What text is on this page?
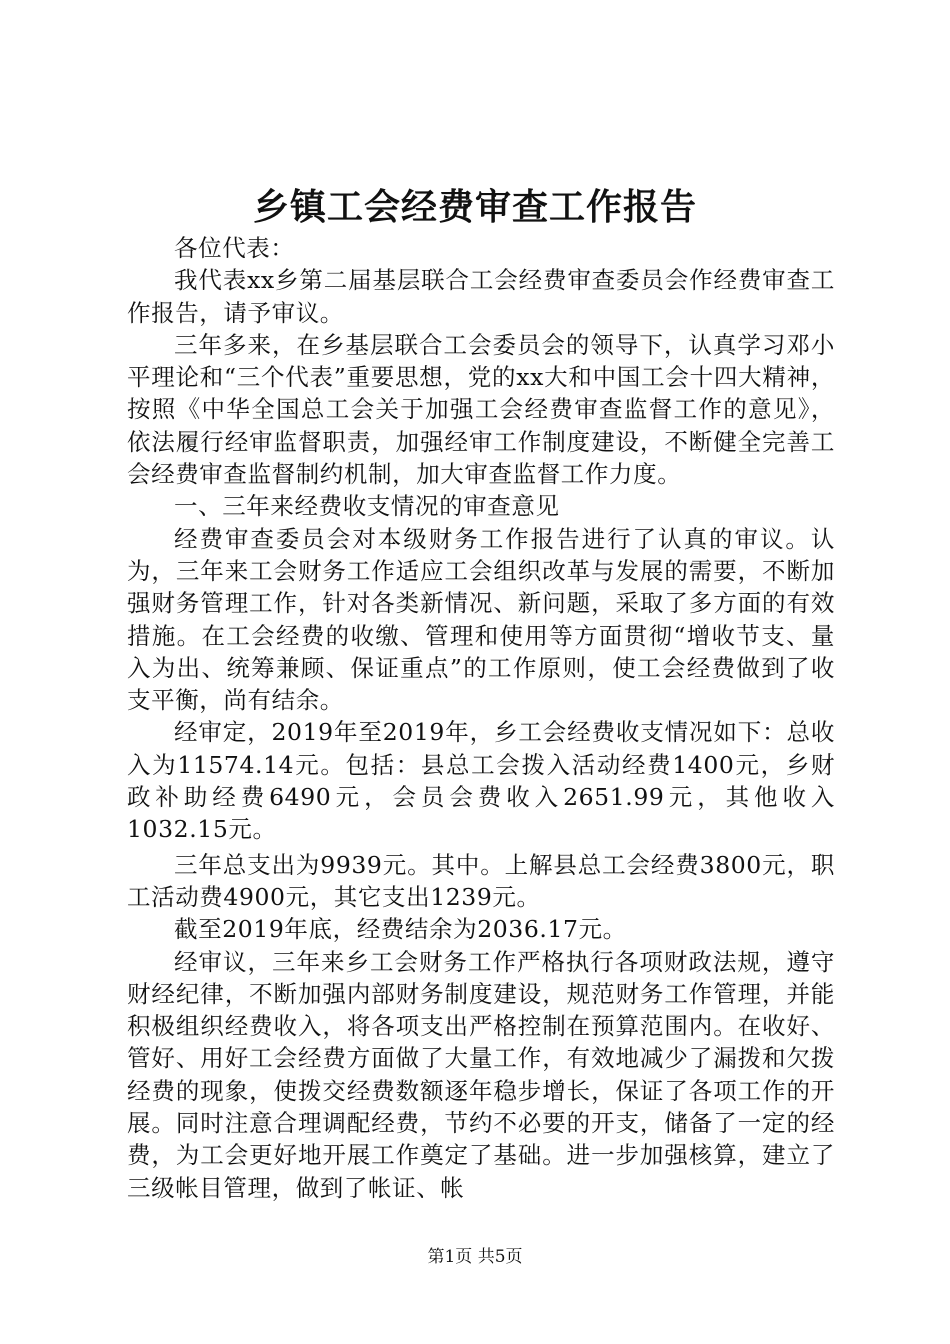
乡镇工会经费审查工作报告

各位代表：

我代表xx乡第二届基层联合工会经费审查委员会作经费审查工作报告，请予审议。

三年多来，在乡基层联合工会委员会的领导下，认真学习邓小平理论和“三个代表”重要思想，党的xx大和中国工会十四大精神，按照《中华全国总工会关于加强工会经费审查监督工作的意见》，依法履行经审监督职责，加强经审工作制度建设，不断健全完善工会经费审查监督制约机制，加大审查监督工作力度。

一、三年来经费收支情况的审查意见

经费审查委员会对本级财务工作报告进行了认真的审议。认为，三年来工会财务工作适应工会组织改革与发展的需要，不断加强财务管理工作，针对各类新情况、新问题，采取了多方面的有效措施。在工会经费的收缴、管理和使用等方面贯彻“增收节支、量入为出、统筹兼顾、保证重点”的工作原则，使工会经费做到了收支平衡，尚有结余。

经审定，2019年至2019年，乡工会经费收支情况如下：总收入为11574.14元。包括：县总工会拨入活动经费1400元，乡财政补助经费6490元，会员会费收入2651.99元，其他收入1032.15元。

三年总支出为9939元。其中。上解县总工会经费3800元，职工活动费4900元，其它支出1239元。

截至2019年底，经费结余为2036.17元。

经审议，三年来乡工会财务工作严格执行各项财政法规，遵守财经纪律，不断加强内部财务制度建设，规范财务工作管理，并能积极组织经费收入，将各项支出严格控制在预算范围内。在收好、管好、用好工会经费方面做了大量工作，有效地减少了漏拨和欠拨经费的现象，使拨交经费数额逐年稳步增长，保证了各项工作的开展。同时注意合理调配经费，节约不必要的开支，储备了一定的经费，为工会更好地开展工作奠定了基础。进一步加强核算，建立了三级帐目管理，做到了帐证、帐

第1页 共5页
